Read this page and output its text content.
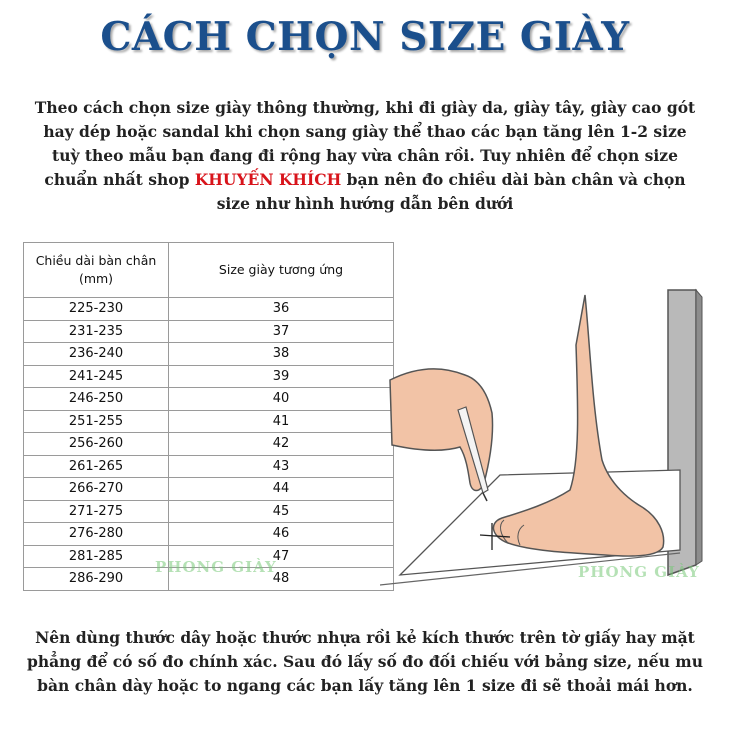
CÁCH CHỌN SIZE GIÀY

Theo cách chọn size giày thông thường, khi đi giày da, giày tây, giày cao gót hay dép hoặc sandal khi chọn sang giày thể thao các bạn tăng lên 1-2 size tuỳ theo mẫu bạn đang đi rộng hay vừa chân rồi. Tuy nhiên để chọn size chuẩn nhất shop KHUYẾN KHÍCH bạn nên đo chiều dài bàn chân và chọn size như hình hướng dẫn bên dưới

Chiều dài bàn chân (mm)	Size giày tương ứng
225-230	36
231-235	37
236-240	38
241-245	39
246-250	40
251-255	41
256-260	42
261-265	43
266-270	44
271-275	45
276-280	46
281-285	47
286-290	48
PHONG GIÀY	PHONG GIÀY

Nên dùng thước dây hoặc thước nhựa rồi kẻ kích thước trên tờ giấy hay mặt phẳng để có số đo chính xác. Sau đó lấy số đo đối chiếu với bảng size, nếu mu bàn chân dày hoặc to ngang các bạn lấy tăng lên 1 size đi sẽ thoải mái hơn.
